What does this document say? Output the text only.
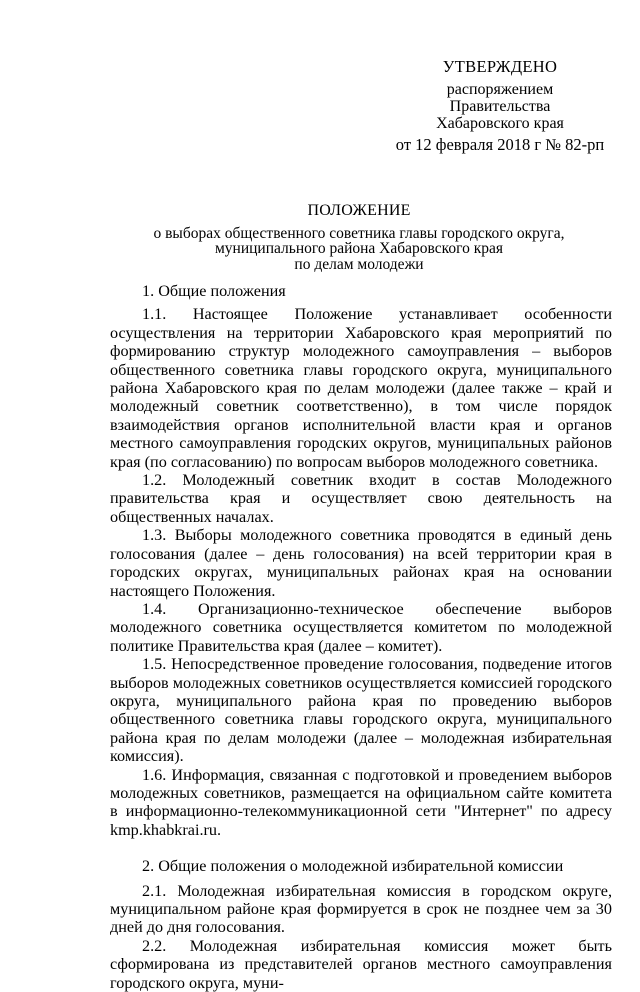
УТВЕРЖДЕНО
распоряжением
Правительства
Хабаровского края
от 12 февраля 2018 г № 82-рп
ПОЛОЖЕНИЕ
о выборах общественного советника главы городского округа,
муниципального района Хабаровского края
по делам молодежи

1. Общие положения

1.1. Настоящее Положение устанавливает особенности осуществления на территории Хабаровского края мероприятий по формированию структур молодежного самоуправления – выборов общественного советника главы городского округа, муниципального района Хабаровского края по делам молодежи (далее также – край и молодежный советник соответственно), в том числе порядок взаимодействия органов исполнительной власти края и органов местного самоуправления городских округов, муниципальных районов края (по согласованию) по вопросам выборов молодежного советника.

1.2. Молодежный советник входит в состав Молодежного правительства края и осуществляет свою деятельность на общественных началах.

1.3. Выборы молодежного советника проводятся в единый день голосования (далее – день голосования) на всей территории края в городских округах, муниципальных районах края на основании настоящего Положения.

1.4. Организационно-техническое обеспечение выборов молодежного советника осуществляется комитетом по молодежной политике Правительства края (далее – комитет).

1.5. Непосредственное проведение голосования, подведение итогов выборов молодежных советников осуществляется комиссией городского округа, муниципального района края по проведению выборов общественного советника главы городского округа, муниципального района края по делам молодежи (далее – молодежная избирательная комиссия).

1.6. Информация, связанная с подготовкой и проведением выборов молодежных советников, размещается на официальном сайте комитета в информационно-телекоммуникационной сети "Интернет" по адресу kmp.khabkrai.ru.

2. Общие положения о молодежной избирательной комиссии

2.1. Молодежная избирательная комиссия в городском округе, муниципальном районе края формируется в срок не позднее чем за 30 дней до дня голосования.

2.2. Молодежная избирательная комиссия может быть сформирована из представителей органов местного самоуправления городского округа, муни-
